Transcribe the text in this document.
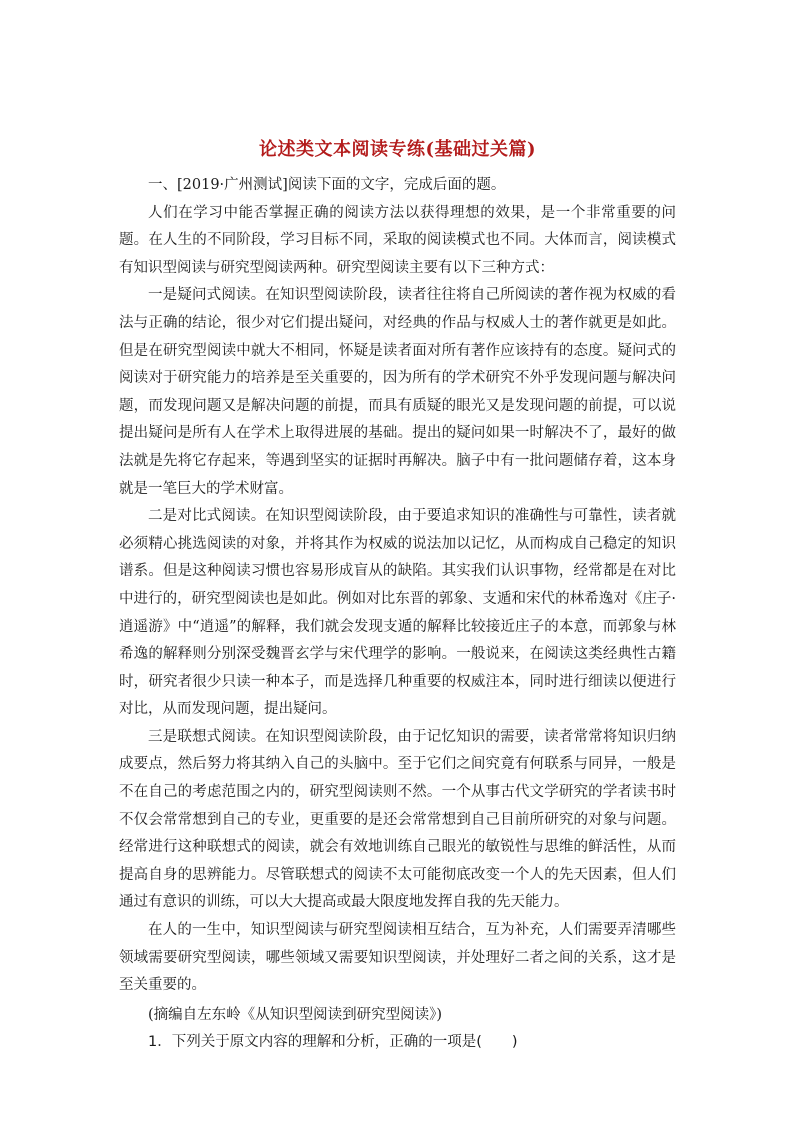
论述类文本阅读专练(基础过关篇)

一、[2019·广州测试]阅读下面的文字，完成后面的题。

人们在学习中能否掌握正确的阅读方法以获得理想的效果，是一个非常重要的问题。在人生的不同阶段，学习目标不同，采取的阅读模式也不同。大体而言，阅读模式有知识型阅读与研究型阅读两种。研究型阅读主要有以下三种方式：

一是疑问式阅读。在知识型阅读阶段，读者往往将自己所阅读的著作视为权威的看法与正确的结论，很少对它们提出疑问，对经典的作品与权威人士的著作就更是如此。但是在研究型阅读中就大不相同，怀疑是读者面对所有著作应该持有的态度。疑问式的阅读对于研究能力的培养是至关重要的，因为所有的学术研究不外乎发现问题与解决问题，而发现问题又是解决问题的前提，而具有质疑的眼光又是发现问题的前提，可以说提出疑问是所有人在学术上取得进展的基础。提出的疑问如果一时解决不了，最好的做法就是先将它存起来，等遇到坚实的证据时再解决。脑子中有一批问题储存着，这本身就是一笔巨大的学术财富。

二是对比式阅读。在知识型阅读阶段，由于要追求知识的准确性与可靠性，读者就必须精心挑选阅读的对象，并将其作为权威的说法加以记忆，从而构成自己稳定的知识谱系。但是这种阅读习惯也容易形成盲从的缺陷。其实我们认识事物，经常都是在对比中进行的，研究型阅读也是如此。例如对比东晋的郭象、支遁和宋代的林希逸对《庄子·逍遥游》中“逍遥”的解释，我们就会发现支遁的解释比较接近庄子的本意，而郭象与林希逸的解释则分别深受魏晋玄学与宋代理学的影响。一般说来，在阅读这类经典性古籍时，研究者很少只读一种本子，而是选择几种重要的权威注本，同时进行细读以便进行对比，从而发现问题，提出疑问。

三是联想式阅读。在知识型阅读阶段，由于记忆知识的需要，读者常常将知识归纳成要点，然后努力将其纳入自己的头脑中。至于它们之间究竟有何联系与同异，一般是不在自己的考虑范围之内的，研究型阅读则不然。一个从事古代文学研究的学者读书时不仅会常常想到自己的专业，更重要的是还会常常想到自己目前所研究的对象与问题。经常进行这种联想式的阅读，就会有效地训练自己眼光的敏锐性与思维的鲜活性，从而提高自身的思辨能力。尽管联想式的阅读不太可能彻底改变一个人的先天因素，但人们通过有意识的训练，可以大大提高或最大限度地发挥自我的先天能力。

在人的一生中，知识型阅读与研究型阅读相互结合，互为补充，人们需要弄清哪些领域需要研究型阅读，哪些领域又需要知识型阅读，并处理好二者之间的关系，这才是至关重要的。

(摘编自左东岭《从知识型阅读到研究型阅读》)

1．下列关于原文内容的理解和分析，正确的一项是( )
